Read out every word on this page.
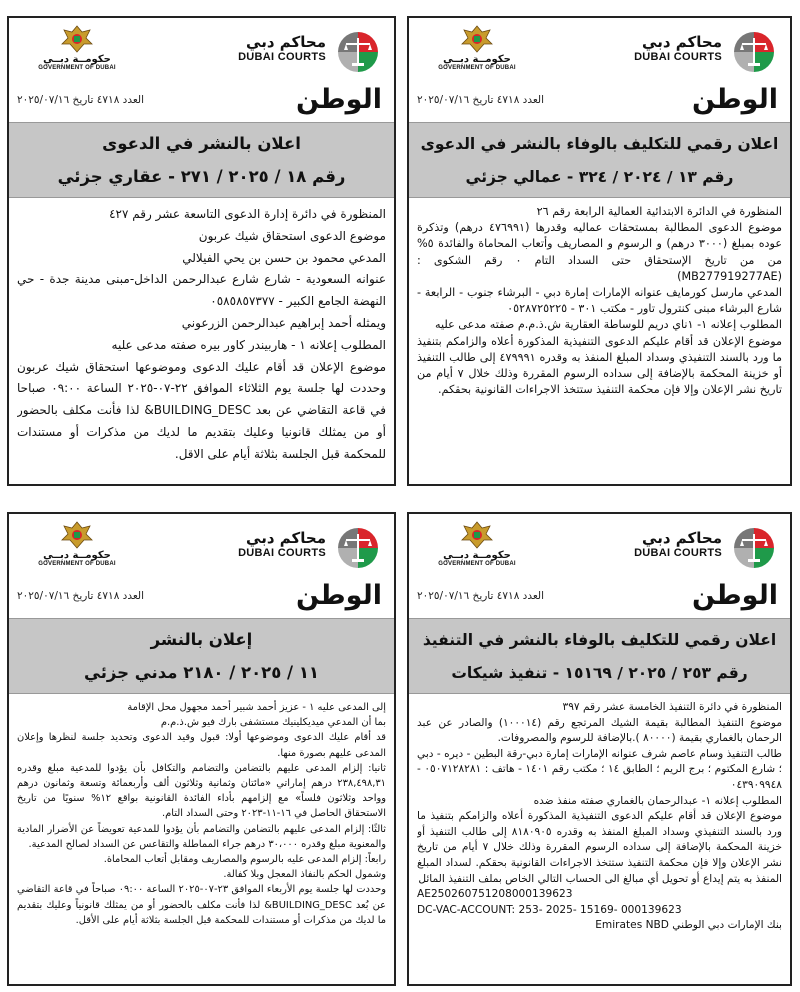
حكومــة دبــي
GOVERNMENT OF DUBAI
محاكم دبي
DUBAI COURTS
الوطن
العدد ٤٧١٨ تاريخ ٢٠٢٥/٠٧/١٦
اعلان رقمي للتكليف بالوفاء بالنشر في الدعوى
رقم ١٣ / ٢٠٢٤ / ٣٢٤ - عمالي جزئي

المنظورة في الدائرة الابتدائية العمالية الرابعة رقم ٢٦

موضوع الدعوى المطالبة بمستحقات عماليه وقدرها (٤٧٦٩٩١ درهم) وتذكرة عوده بمبلغ (٣٠٠٠ درهم) و الرسوم و المصاريف وأتعاب المحاماة والفائدة ٥% من من تاريخ الإستحقاق حتى السداد التام ٠ رقم الشكوى : (MB277919277AE)

المدعي مارسل كورمايف عنوانه الإمارات إمارة دبي - البرشاء جنوب - الرابعة - شارع البرشاء مبنى كنترول تاور - مكتب ٣٠١ - ٠٥٢٨٧٢٥٢٢٥

المطلوب إعلانه ١- ١ناي دريم للوساطة العقارية ش.ذ.م.م صفته مدعى عليه

موضوع الإعلان قد أقام عليكم الدعوى التنفيذية المذكورة أعلاه والزامكم بتنفيذ ما ورد بالسند التنفيذي وسداد المبلغ المنفذ به وقدره ٤٧٩٩٩١ إلى طالب التنفيذ أو خزينة المحكمة بالإضافة إلى سداده الرسوم المقررة وذلك خلال ٧ أيام من تاريخ نشر الإعلان وإلا فإن محكمة التنفيذ ستتخذ الاجراءات القانونية بحقكم.

حكومــة دبــي
GOVERNMENT OF DUBAI
محاكم دبي
DUBAI COURTS
الوطن
العدد ٤٧١٨ تاريخ ٢٠٢٥/٠٧/١٦
اعلان بالنشر في الدعوى
رقم ١٨ / ٢٠٢٥ / ٢٧١ - عقاري جزئي

المنظورة في دائرة إدارة الدعوى التاسعة عشر رقم ٤٢٧

موضوع الدعوى استحقاق شيك عربون

المدعي محمود بن حسن بن يحي الفيلالي

عنوانه السعودية - شارع شارع عبدالرحمن الداخل-مبنى مدينة جدة - حي النهضة الجامع الكبير - ٠٥٨٥٨٥٧٣٧٧

ويمثله أحمد إبراهيم عبدالرحمن الزرعوني

المطلوب إعلانه ١ - هاربيندر كاور بيره صفته مدعى عليه

موضوع الإعلان قد أقام عليك الدعوى وموضوعها استحقاق شيك عربون وحددت لها جلسة يوم الثلاثاء الموافق ٢٢-٠٧-٢٠٢٥ الساعة ٠٩:٠٠ صباحا في قاعة التقاضي عن بعد BUILDING_DESC& لذا فأنت مكلف بالحضور أو من يمثلك قانونيا وعليك بتقديم ما لديك من مذكرات أو مستندات للمحكمة قبل الجلسة بثلاثة أيام على الاقل.

حكومــة دبــي
GOVERNMENT OF DUBAI
محاكم دبي
DUBAI COURTS
الوطن
العدد ٤٧١٨ تاريخ ٢٠٢٥/٠٧/١٦
اعلان رقمي للتكليف بالوفاء بالنشر في التنفيذ
رقم ٢٥٣ / ٢٠٢٥ / ١٥١٦٩ - تنفيذ شيكات

المنظورة في دائرة التنفيذ الخامسة عشر رقم ٣٩٧

موضوع التنفيذ المطالبة بقيمة الشيك المرتجع رقم (١٠٠٠١٤) والصادر عن عبد الرحمان بالغماري بقيمة (٨٠٠٠٠ ).بالإضافة للرسوم والمصروفات.

طالب التنفيذ وسام عاصم شرف عنوانه الإمارات إمارة دبي-رقة البطين - ديره - دبي ؛ شارع المكتوم ؛ برج الريم ؛ الطابق ١٤ ؛ مكتب رقم ١٤٠١ - هاتف : ٠٥٠٧١٢٨٢٨١ - ٠٤٣٩٠٩٩٤٨

المطلوب إعلانه ١- عبدالرحمان بالغماري صفته منفذ ضده

موضوع الإعلان قد أقام عليكم الدعوى التنفيذية المذكورة أعلاه والزامكم بتنفيذ ما ورد بالسند التنفيذي وسداد المبلغ المنفذ به وقدره ٨١٨٠٩٠٥ إلى طالب التنفيذ أو خزينة المحكمة بالإضافة إلى سداده الرسوم المقررة وذلك خلال ٧ أيام من تاريخ نشر الإعلان وإلا فإن محكمة التنفيذ ستتخذ الاجراءات القانونية بحقكم. لسداد المبلغ المنفذ به يتم إيداع أو تحويل أي مبالغ الى الحساب التالي الخاص بملف التنفيذ المائل

AE250260751208000139623

DC-VAC-ACCOUNT: 253- 2025- 15169- 000139623

بنك الإمارات دبي الوطني Emirates NBD

حكومــة دبــي
GOVERNMENT OF DUBAI
محاكم دبي
DUBAI COURTS
الوطن
العدد ٤٧١٨ تاريخ ٢٠٢٥/٠٧/١٦
إعلان بالنشر
١١ / ٢٠٢٥ / ٢١٨٠ مدني جزئي

إلى المدعى عليه ١ - عزيز أحمد شبير أحمد مجهول محل الإقامة

بما أن المدعي ميديكلينيك مستشفى بارك فيو ش.ذ.م.م

قد أقام عليك الدعوى وموضوعها أولا: قبول وقيد الدعوى وتحديد جلسة لنظرها وإعلان المدعى عليهم بصورة منها.

ثانيا: إلزام المدعى عليهم بالتضامن والتضامم والتكافل بأن يؤدوا للمدعية مبلغ وقدره ٢٣٨,٤٩٨,٣١ درهم إماراتي «مائتان وثمانية وثلاثون ألف وأربعمائة وتسعة وثمانون درهم وواحد وثلاثون فلساً» مع إلزامهم بأداء الفائدة القانونية بواقع ١٢% سنويًا من تاريخ الاستحقاق الحاصل في ١٦-١١-٢٠٢٣ وحتى السداد التام.

ثالثًا: إلزام المدعى عليهم بالتضامن والتضامم بأن يؤدوا للمدعية تعويضاً عن الأضرار المادية والمعنوية مبلغ وقدره ٣٠،٠٠٠ درهم جراء المماطلة والتقاعس عن السداد لصالح المدعية.

رابعاً: إلزام المدعى عليه بالرسوم والمصاريف ومقابل أتعاب المحاماة.

وشمول الحكم بالنفاذ المعجل وبلا كفالة.

وحددت لها جلسة يوم الأربعاء الموافق ٢٣-٠٧-٢٠٢٥ الساعة ٠٩:٠٠ صباحاً في قاعة التقاضي عن بُعد BUILDING_DESC& لذا فأنت مكلف بالحضور أو من يمثلك قانونياً وعليك بتقديم ما لديك من مذكرات أو مستندات للمحكمة قبل الجلسة بثلاثة أيام على الأقل.
